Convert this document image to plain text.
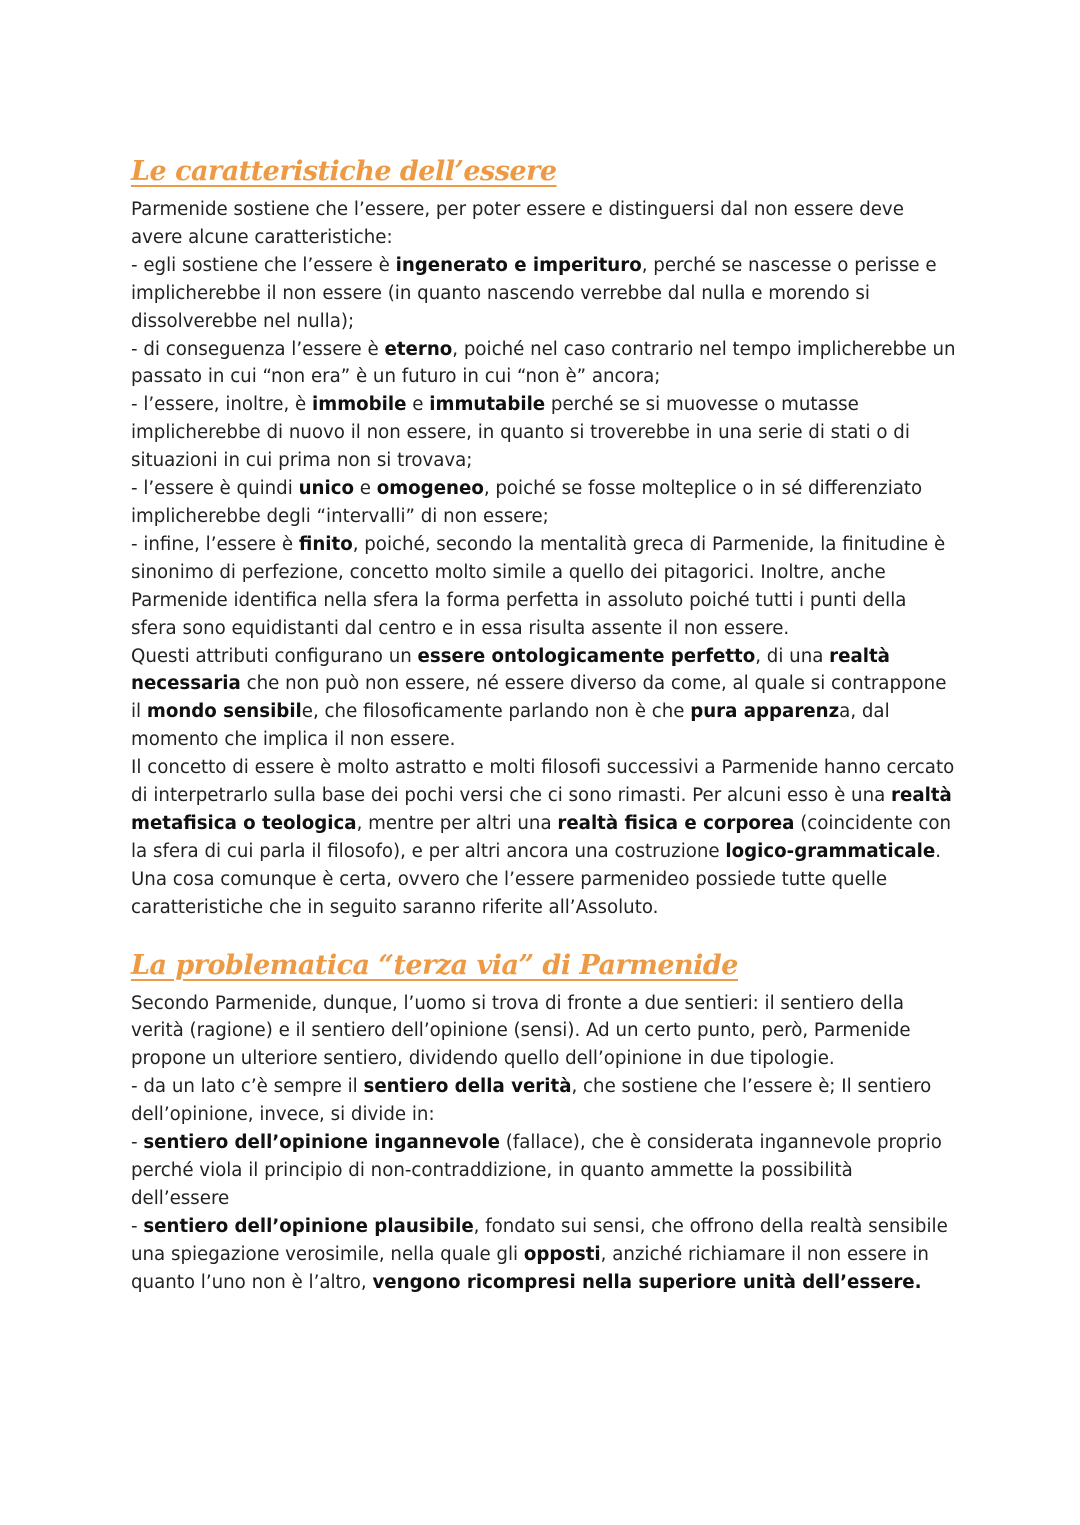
Le caratteristiche dell’essere

Parmenide sostiene che l’essere, per poter essere e distinguersi dal non essere deve avere alcune caratteristiche:

- egli sostiene che l’essere è ingenerato e imperituro, perché se nascesse o perisse e implicherebbe il non essere (in quanto nascendo verrebbe dal nulla e morendo si dissolverebbe nel nulla);

- di conseguenza l’essere è eterno, poiché nel caso contrario nel tempo implicherebbe un passato in cui “non era” è un futuro in cui “non è” ancora;

- l’essere, inoltre, è immobile e immutabile perché se si muovesse o mutasse implicherebbe di nuovo il non essere, in quanto si troverebbe in una serie di stati o di situazioni in cui prima non si trovava;

- l’essere è quindi unico e omogeneo, poiché se fosse molteplice o in sé differenziato implicherebbe degli “intervalli” di non essere;

- infine, l’essere è finito, poiché, secondo la mentalità greca di Parmenide, la finitudine è sinonimo di perfezione, concetto molto simile a quello dei pitagorici. Inoltre, anche Parmenide identifica nella sfera la forma perfetta in assoluto poiché tutti i punti della sfera sono equidistanti dal centro e in essa risulta assente il non essere.

Questi attributi configurano un essere ontologicamente perfetto, di una realtà necessaria che non può non essere, né essere diverso da come, al quale si contrappone il mondo sensibile, che filosoficamente parlando non è che pura apparenza, dal momento che implica il non essere.

Il concetto di essere è molto astratto e molti filosofi successivi a Parmenide hanno cercato di interpetrarlo sulla base dei pochi versi che ci sono rimasti. Per alcuni esso è una realtà metafisica o teologica, mentre per altri una realtà fisica e corporea (coincidente con la sfera di cui parla il filosofo), e per altri ancora una costruzione logico-grammaticale.

Una cosa comunque è certa, ovvero che l’essere parmenideo possiede tutte quelle caratteristiche che in seguito saranno riferite all’Assoluto.

La problematica “terza via” di Parmenide

Secondo Parmenide, dunque, l’uomo si trova di fronte a due sentieri: il sentiero della verità (ragione) e il sentiero dell’opinione (sensi). Ad un certo punto, però, Parmenide propone un ulteriore sentiero, dividendo quello dell’opinione in due tipologie.

- da un lato c’è sempre il sentiero della verità, che sostiene che l’essere è; Il sentiero dell’opinione, invece, si divide in:

- sentiero dell’opinione ingannevole (fallace), che è considerata ingannevole proprio perché viola il principio di non-contraddizione, in quanto ammette la possibilità dell’essere

- sentiero dell’opinione plausibile, fondato sui sensi, che offrono della realtà sensibile una spiegazione verosimile, nella quale gli opposti, anziché richiamare il non essere in quanto l’uno non è l’altro, vengono ricompresi nella superiore unità dell’essere.
